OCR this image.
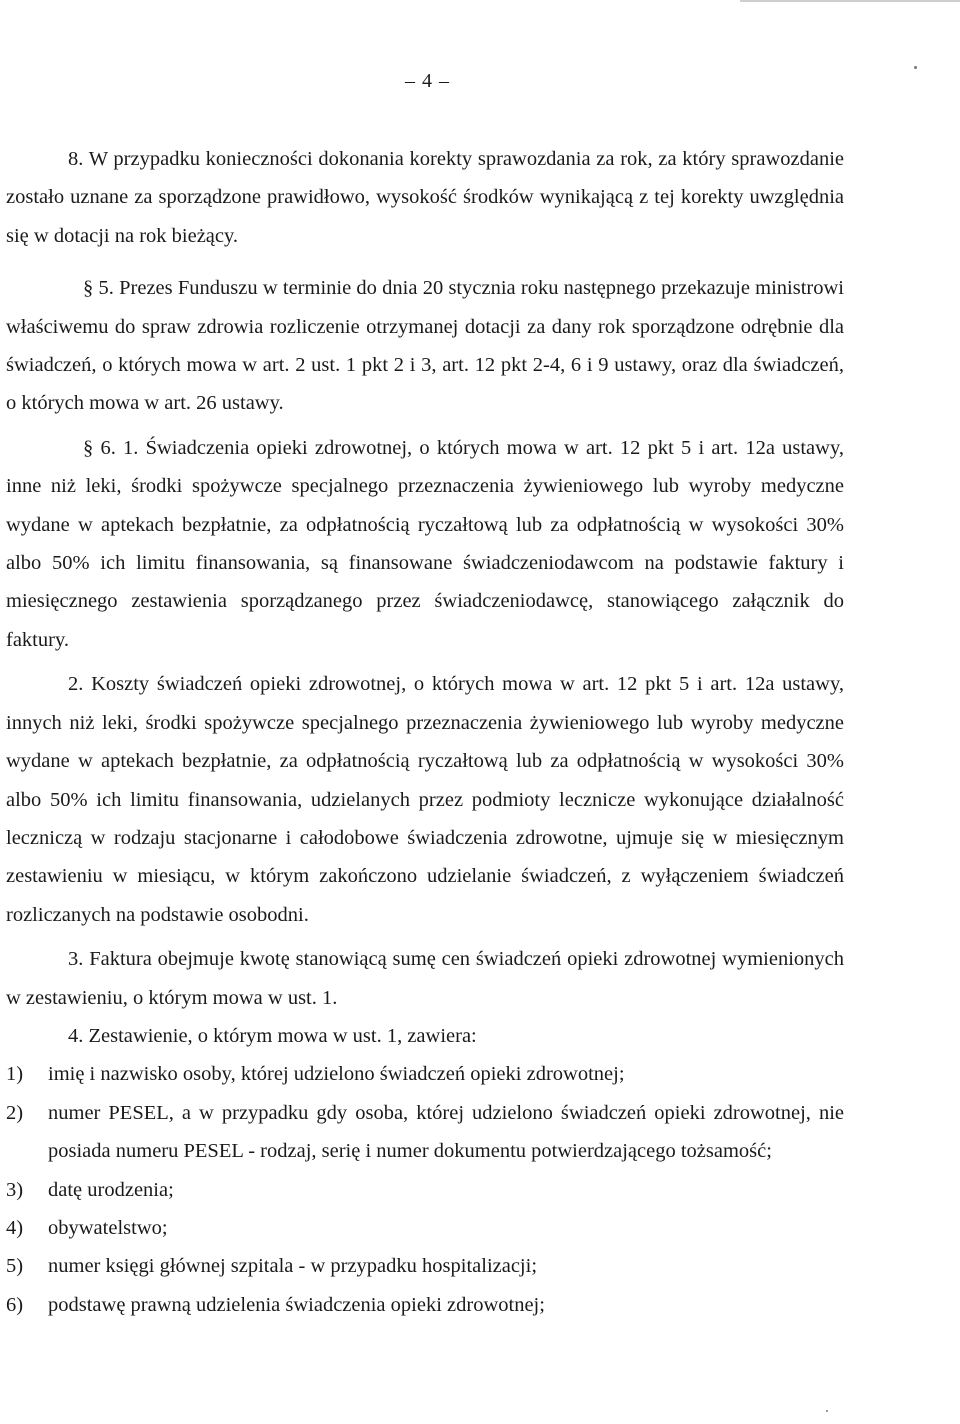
– 4 –

8. W przypadku konieczności dokonania korekty sprawozdania za rok, za który sprawozdanie zostało uznane za sporządzone prawidłowo, wysokość środków wynikającą z tej korekty uwzględnia się w dotacji na rok bieżący.

§ 5. Prezes Funduszu w terminie do dnia 20 stycznia roku następnego przekazuje ministrowi właściwemu do spraw zdrowia rozliczenie otrzymanej dotacji za dany rok sporządzone odrębnie dla świadczeń, o których mowa w art. 2 ust. 1 pkt 2 i 3, art. 12 pkt 2-4, 6 i 9 ustawy, oraz dla świadczeń, o których mowa w art. 26 ustawy.

§ 6. 1. Świadczenia opieki zdrowotnej, o których mowa w art. 12 pkt 5 i art. 12a ustawy, inne niż leki, środki spożywcze specjalnego przeznaczenia żywieniowego lub wyroby medyczne wydane w aptekach bezpłatnie, za odpłatnością ryczałtową lub za odpłatnością w wysokości 30% albo 50% ich limitu finansowania, są finansowane świadczeniodawcom na podstawie faktury i miesięcznego zestawienia sporządzanego przez świadczeniodawcę, stanowiącego załącznik do faktury.

2. Koszty świadczeń opieki zdrowotnej, o których mowa w art. 12 pkt 5 i art. 12a ustawy, innych niż leki, środki spożywcze specjalnego przeznaczenia żywieniowego lub wyroby medyczne wydane w aptekach bezpłatnie, za odpłatnością ryczałtową lub za odpłatnością w wysokości 30% albo 50% ich limitu finansowania, udzielanych przez podmioty lecznicze wykonujące działalność leczniczą w rodzaju stacjonarne i całodobowe świadczenia zdrowotne, ujmuje się w miesięcznym zestawieniu w miesiącu, w którym zakończono udzielanie świadczeń, z wyłączeniem świadczeń rozliczanych na podstawie osobodni.

3. Faktura obejmuje kwotę stanowiącą sumę cen świadczeń opieki zdrowotnej wymienionych w zestawieniu, o którym mowa w ust. 1.

4. Zestawienie, o którym mowa w ust. 1, zawiera:

1)	imię i nazwisko osoby, której udzielono świadczeń opieki zdrowotnej;
2)	numer PESEL, a w przypadku gdy osoba, której udzielono świadczeń opieki zdrowotnej, nie posiada numeru PESEL - rodzaj, serię i numer dokumentu potwierdzającego tożsamość;
3)	datę urodzenia;
4)	obywatelstwo;
5)	numer księgi głównej szpitala - w przypadku hospitalizacji;
6)	podstawę prawną udzielenia świadczenia opieki zdrowotnej;
